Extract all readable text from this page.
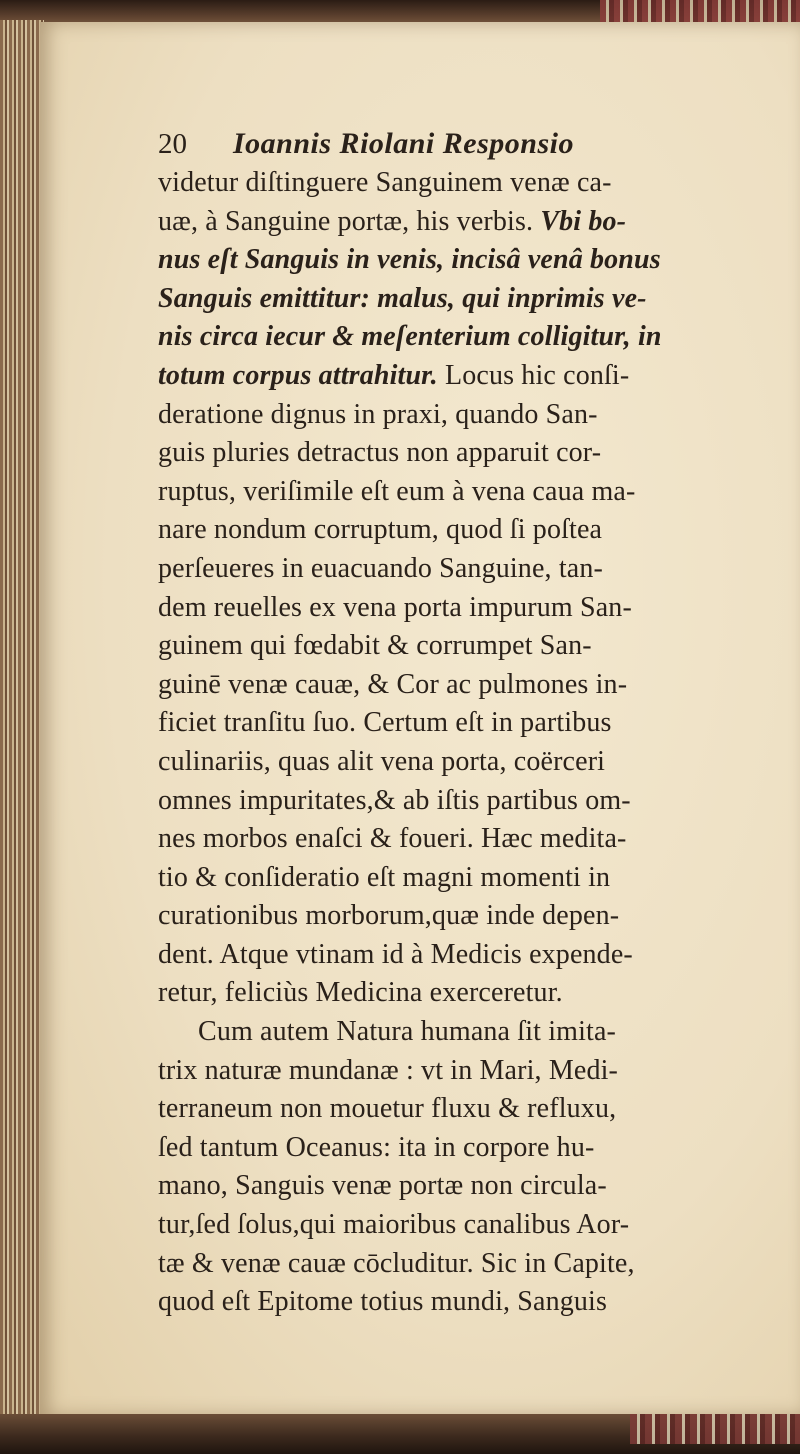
20 Ioannis Riolani Responsio
videtur diſtinguere Sanguinem venæ ca-
uæ, à Sanguine portæ, his verbis. Vbi bo-
nus eſt Sanguis in venis, incisâ venâ bonus
Sanguis emittitur: malus, qui inprimis ve-
nis circa iecur & meſenterium colligitur, in
totum corpus attrahitur. Locus hic conſi-
deratione dignus in praxi, quando San-
guis pluries detractus non apparuit cor-
ruptus, veriſimile eſt eum à vena caua ma-
nare nondum corruptum, quod ſi poſtea
perſeueres in euacuando Sanguine, tan-
dem reuelles ex vena porta impurum San-
guinem qui fœdabit & corrumpet San-
guinē venæ cauæ, & Cor ac pulmones in-
ficiet tranſitu ſuo. Certum eſt in partibus
culinariis, quas alit vena porta, coërceri
omnes impuritates,& ab iſtis partibus om-
nes morbos enaſci & foueri. Hæc medita-
tio & conſideratio eſt magni momenti in
curationibus morborum,quæ inde depen-
dent. Atque vtinam id à Medicis expende-
retur, feliciùs Medicina exerceretur.
Cum autem Natura humana ſit imita-
trix naturæ mundanæ : vt in Mari, Medi-
terraneum non mouetur fluxu & refluxu,
ſed tantum Oceanus: ita in corpore hu-
mano, Sanguis venæ portæ non circula-
tur,ſed ſolus,qui maioribus canalibus Aor-
tæ & venæ cauæ cōcluditur. Sic in Capite,
quod eſt Epitome totius mundi, Sanguis
